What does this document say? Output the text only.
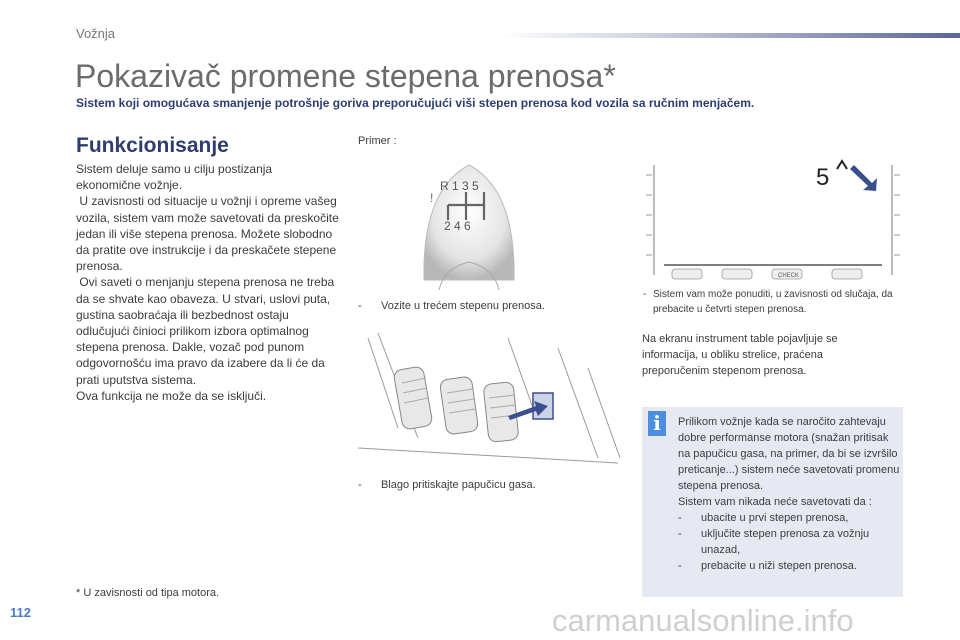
Vožnja
Pokazivač promene stepena prenosa*
Sistem koji omogućava smanjenje potrošnje goriva preporučujući viši stepen prenosa kod vozila sa ručnim menjačem.
Funkcionisanje

Sistem deluje samo u cilju postizanja ekonomične vožnje.

U zavisnosti od situacije u vožnji i opreme vašeg vozila, sistem vam može savetovati da preskočite jedan ili više stepena prenosa. Možete slobodno da pratite ove instrukcije i da preskačete stepene prenosa.

Ovi saveti o menjanju stepena prenosa ne treba da se shvate kao obaveza. U stvari, uslovi puta, gustina saobraćaja ili bezbednost ostaju odlučujući činioci prilikom izbora optimalnog stepena prenosa. Dakle, vozač pod punom odgovornošću ima pravo da izabere da li će da prati uputstva sistema.

Ova funkcija ne može da se isključi.

* U zavisnosti od tipa motora.
Primer :
R 1 3 5
2 4 6
!
-	Vozite u trećem stepenu prenosa.
-	Blago pritiskajte papučicu gasa.
CHECK
5
- Sistem vam može ponuditi, u zavisnosti od slučaja, da prebacite u četvrti stepen prenosa.
Na ekranu instrument table pojavljuje se informacija, u obliku strelice, praćena preporučenim stepenom prenosa.
i	Prilikom vožnje kada se naročito zahtevaju dobre performanse motora (snažan pritisak na papučicu gasa, na primer, da bi se izvršilo preticanje...) sistem neće savetovati promenu stepena prenosa.

Sistem vam nikada neće savetovati da :

- ubacite u prvi stepen prenosa,
- uključite stepen prenosa za vožnju unazad,
- prebacite u niži stepen prenosa.
112	carmanualsonline.info
